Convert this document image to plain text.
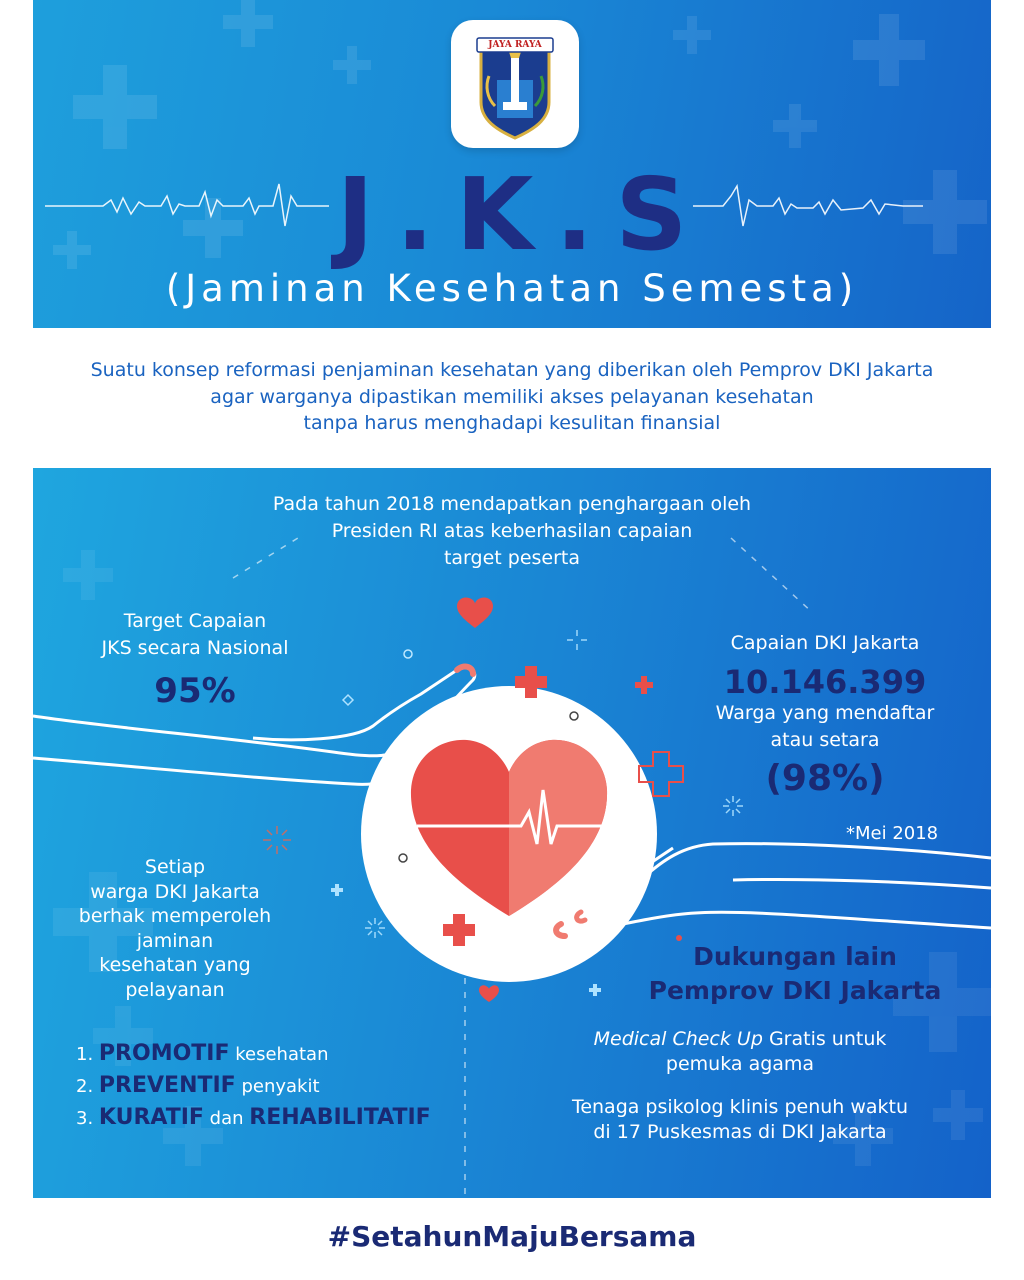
JAYA RAYA
J.K.S
(Jaminan Kesehatan Semesta)
Suatu konsep reformasi penjaminan kesehatan yang diberikan oleh Pemprov DKI Jakarta
agar warganya dipastikan memiliki akses pelayanan kesehatan
tanpa harus menghadapi kesulitan finansial
Pada tahun 2018 mendapatkan penghargaan oleh
Presiden RI atas keberhasilan capaian
target peserta
Target Capaian
JKS secara Nasional
95%
Capaian DKI Jakarta
10.146.399
Warga yang mendaftar
atau setara
(98%)
*Mei 2018
Setiap
warga DKI Jakarta
berhak memperoleh
jaminan
kesehatan yang
pelayanan
1. PROMOTIF kesehatan
2. PREVENTIF penyakit
3. KURATIF dan REHABILITATIF
Dukungan lain
Pemprov DKI Jakarta
Medical Check Up Gratis untuk
pemuka agama
Tenaga psikolog klinis penuh waktu
di 17 Puskesmas di DKI Jakarta
#SetahunMajuBersama
